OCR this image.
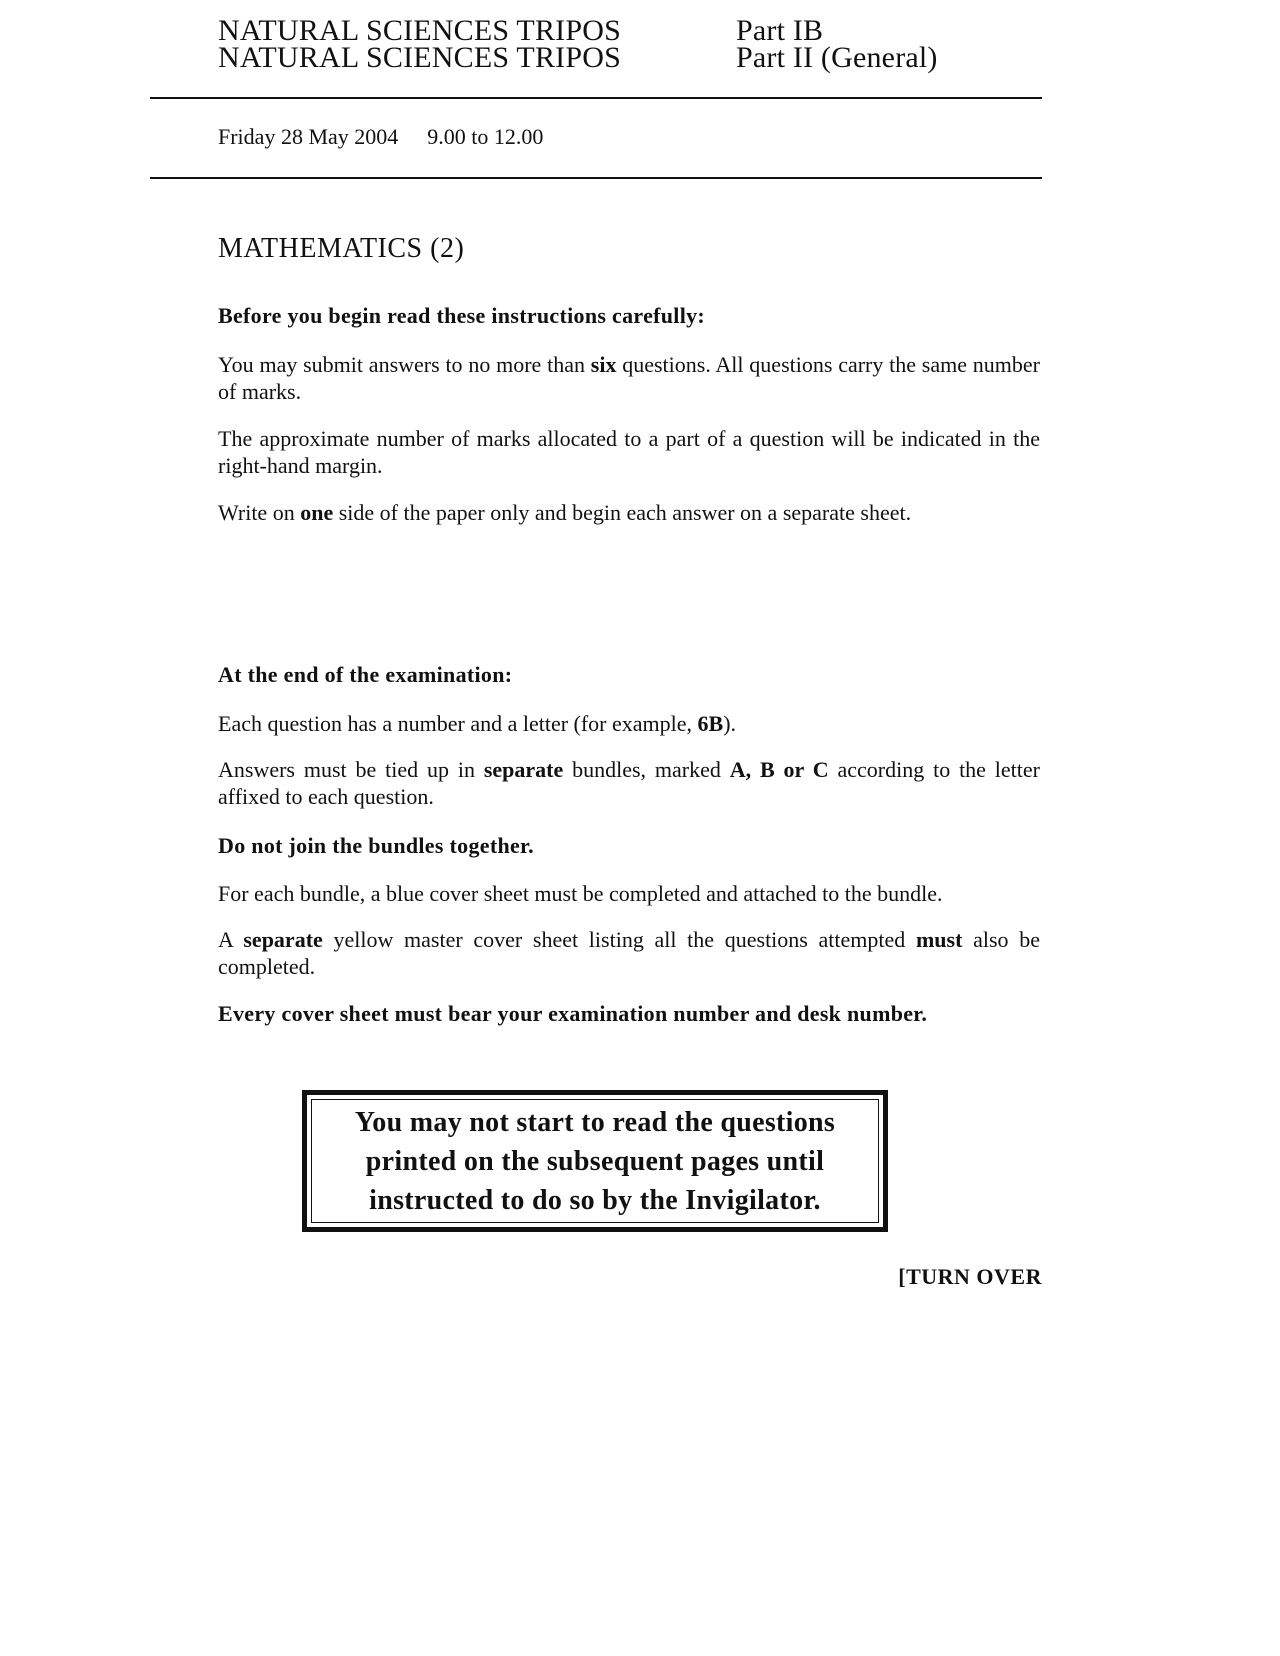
NATURAL SCIENCES TRIPOS	Part IB
NATURAL SCIENCES TRIPOS	Part II (General)
Friday 28 May 2004 9.00 to 12.00
MATHEMATICS (2)
Before you begin read these instructions carefully:
You may submit answers to no more than six questions. All questions carry the same number of marks.
The approximate number of marks allocated to a part of a question will be indicated in the right-hand margin.
Write on one side of the paper only and begin each answer on a separate sheet.
At the end of the examination:
Each question has a number and a letter (for example, 6B).
Answers must be tied up in separate bundles, marked A, B or C according to the letter affixed to each question.
Do not join the bundles together.
For each bundle, a blue cover sheet must be completed and attached to the bundle.
A separate yellow master cover sheet listing all the questions attempted must also be completed.
Every cover sheet must bear your examination number and desk number.
You may not start to read the questions
printed on the subsequent pages until
instructed to do so by the Invigilator.
[TURN OVER
